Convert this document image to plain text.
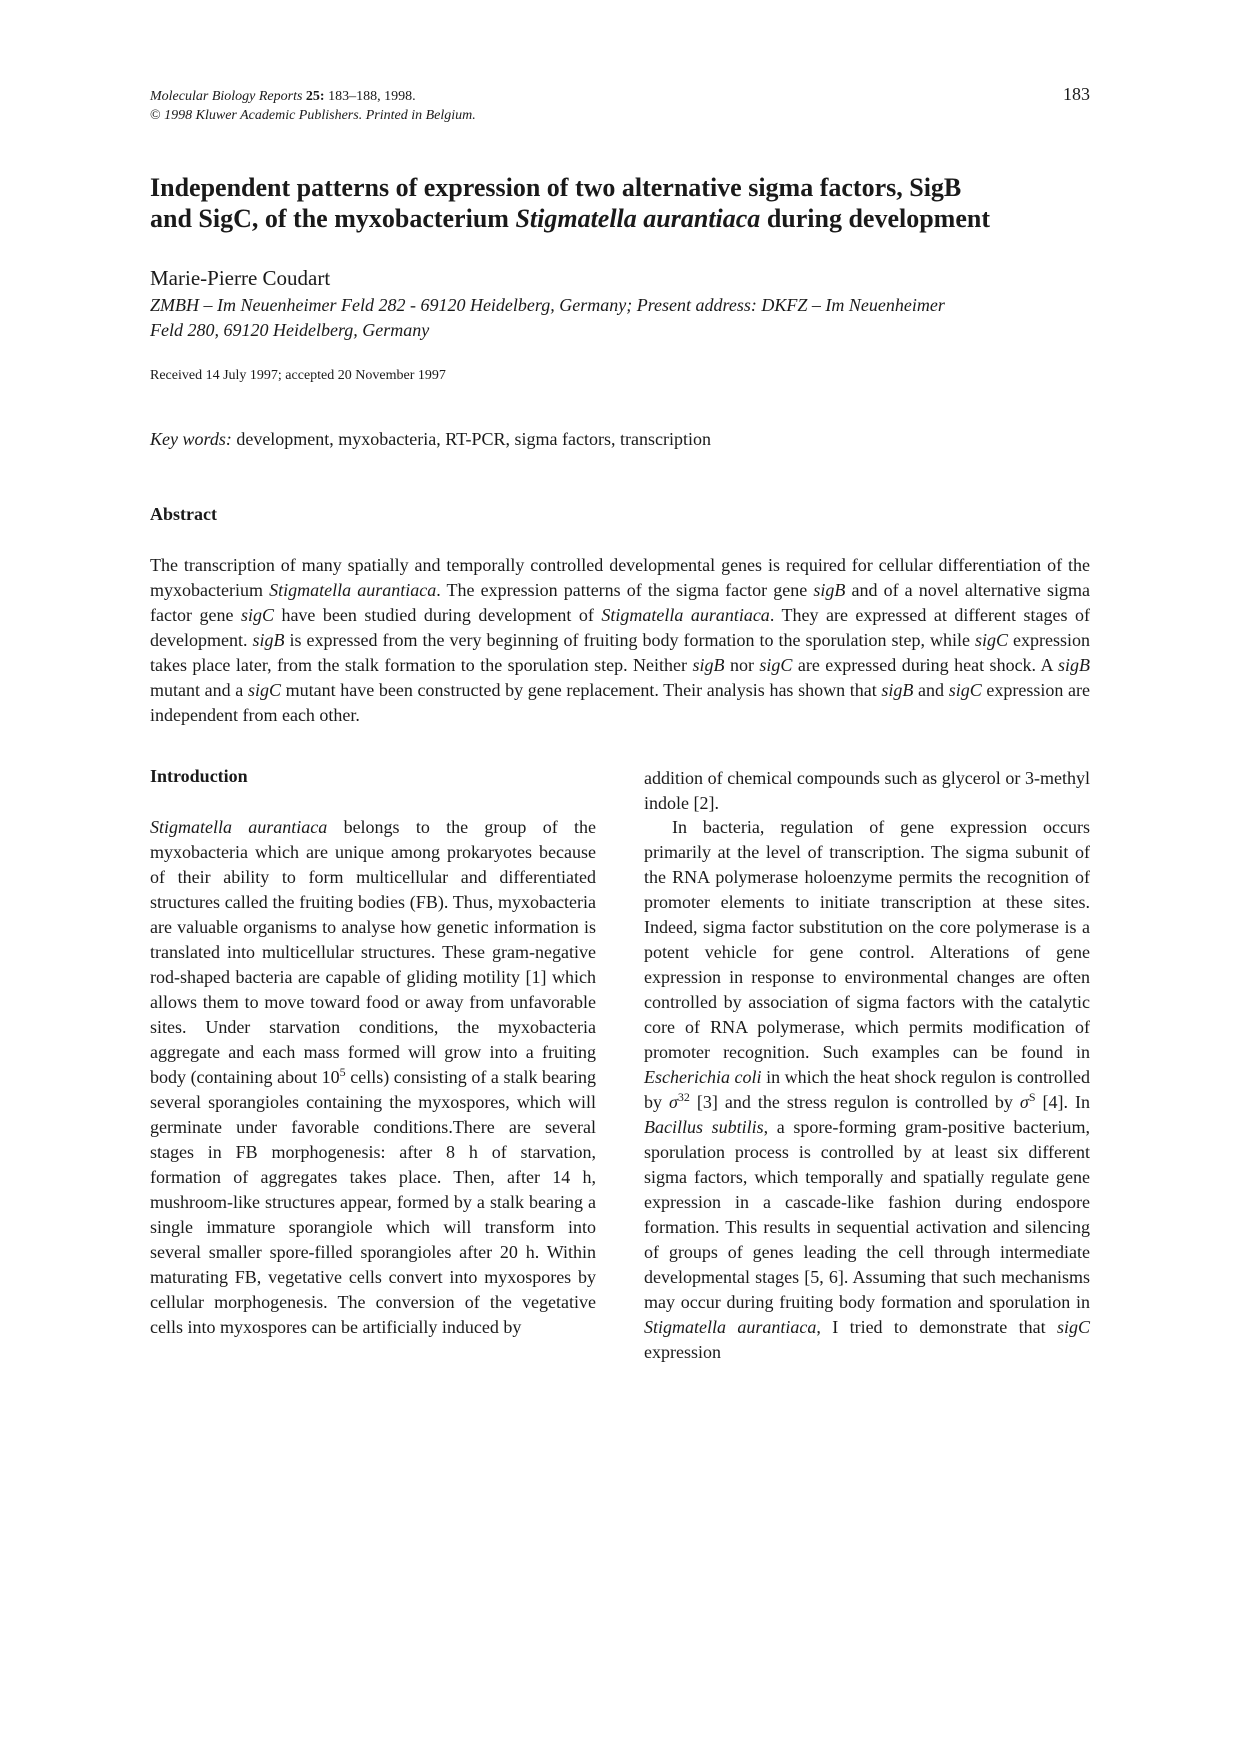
Molecular Biology Reports 25: 183–188, 1998.
© 1998 Kluwer Academic Publishers. Printed in Belgium.
183
Independent patterns of expression of two alternative sigma factors, SigB
and SigC, of the myxobacterium Stigmatella aurantiaca during development
Marie-Pierre Coudart
ZMBH – Im Neuenheimer Feld 282 - 69120 Heidelberg, Germany; Present address: DKFZ – Im Neuenheimer
Feld 280, 69120 Heidelberg, Germany
Received 14 July 1997; accepted 20 November 1997
Key words: development, myxobacteria, RT-PCR, sigma factors, transcription
Abstract

The transcription of many spatially and temporally controlled developmental genes is required for cellular differentiation of the myxobacterium Stigmatella aurantiaca. The expression patterns of the sigma factor gene sigB and of a novel alternative sigma factor gene sigC have been studied during development of Stigmatella aurantiaca. They are expressed at different stages of development. sigB is expressed from the very beginning of fruiting body formation to the sporulation step, while sigC expression takes place later, from the stalk formation to the sporulation step. Neither sigB nor sigC are expressed during heat shock. A sigB mutant and a sigC mutant have been constructed by gene replacement. Their analysis has shown that sigB and sigC expression are independent from each other.

Introduction

Stigmatella aurantiaca belongs to the group of the myxobacteria which are unique among prokaryotes because of their ability to form multicellular and differentiated structures called the fruiting bodies (FB). Thus, myxobacteria are valuable organisms to analyse how genetic information is translated into multicellular structures. These gram-negative rod-shaped bacteria are capable of gliding motility [1] which allows them to move toward food or away from unfavorable sites. Under starvation conditions, the myxobacteria aggregate and each mass formed will grow into a fruiting body (containing about $10^5$ cells) consisting of a stalk bearing several sporangioles containing the myxospores, which will germinate under favorable conditions.There are several stages in FB morphogenesis: after 8 h of starvation, formation of aggregates takes place. Then, after 14 h, mushroom-like structures appear, formed by a stalk bearing a single immature sporangiole which will transform into several smaller spore-filled sporangioles after 20 h. Within maturating FB, vegetative cells convert into myxospores by cellular morphogenesis. The conversion of the vegetative cells into myxospores can be artificially induced by

addition of chemical compounds such as glycerol or 3-methyl indole [2].

In bacteria, regulation of gene expression occurs primarily at the level of transcription. The sigma subunit of the RNA polymerase holoenzyme permits the recognition of promoter elements to initiate transcription at these sites. Indeed, sigma factor substitution on the core polymerase is a potent vehicle for gene control. Alterations of gene expression in response to environmental changes are often controlled by association of sigma factors with the catalytic core of RNA polymerase, which permits modification of promoter recognition. Such examples can be found in Escherichia coli in which the heat shock regulon is controlled by $\sigma^{32}$ [3] and the stress regulon is controlled by $\sigma^S$ [4]. In Bacillus subtilis, a spore-forming gram-positive bacterium, sporulation process is controlled by at least six different sigma factors, which temporally and spatially regulate gene expression in a cascade-like fashion during endospore formation. This results in sequential activation and silencing of groups of genes leading the cell through intermediate developmental stages [5, 6]. Assuming that such mechanisms may occur during fruiting body formation and sporulation in Stigmatella aurantiaca, I tried to demonstrate that sigC expression
